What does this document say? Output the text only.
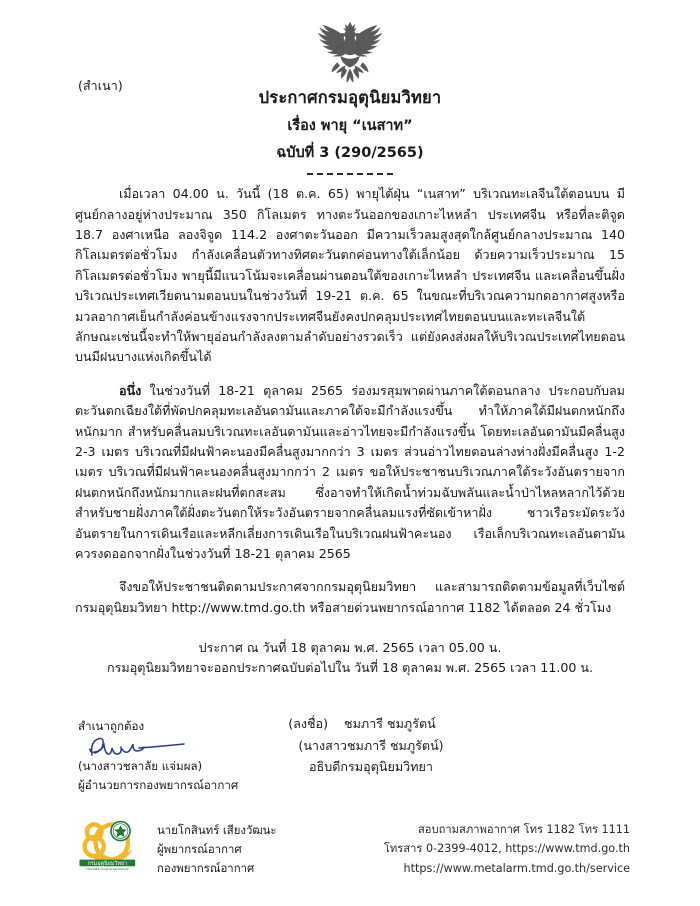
(สำเนา)
ประกาศกรมอุตุนิยมวิทยา
เรื่อง พายุ “เนสาท”
ฉบับที่ 3 (290/2565)

เมื่อเวลา 04.00 น. วันนี้ (18 ต.ค. 65) พายุไต้ฝุ่น “เนสาท” บริเวณทะเลจีนใต้ตอนบน มีศูนย์กลางอยู่ห่างประมาณ 350 กิโลเมตร ทางตะวันออกของเกาะไหหลำ ประเทศจีน หรือที่ละติจูด 18.7 องศาเหนือ ลองจิจูด 114.2 องศาตะวันออก มีความเร็วลมสูงสุดใกล้ศูนย์กลางประมาณ 140 กิโลเมตรต่อชั่วโมง กำลังเคลื่อนตัวทางทิศตะวันตกค่อนทางใต้เล็กน้อย ด้วยความเร็วประมาณ 15 กิโลเมตรต่อชั่วโมง พายุนี้มีแนวโน้มจะเคลื่อนผ่านตอนใต้ของเกาะไหหลำ ประเทศจีน และเคลื่อนขึ้นฝั่งบริเวณประเทศเวียดนามตอนบนในช่วงวันที่ 19-21 ต.ค. 65 ในขณะที่บริเวณความกดอากาศสูงหรือมวลอากาศเย็นกำลังค่อนข้างแรงจากประเทศจีนยังคงปกคลุมประเทศไทยตอนบนและทะเลจีนใต้ ลักษณะเช่นนี้จะทำให้พายุอ่อนกำลังลงตามลำดับอย่างรวดเร็ว แต่ยังคงส่งผลให้บริเวณประเทศไทยตอนบนมีฝนบางแห่งเกิดขึ้นได้

อนึ่ง ในช่วงวันที่ 18-21 ตุลาคม 2565 ร่องมรสุมพาดผ่านภาคใต้ตอนกลาง ประกอบกับลมตะวันตกเฉียงใต้ที่พัดปกคลุมทะเลอันดามันและภาคใต้จะมีกำลังแรงขึ้น ทำให้ภาคใต้มีฝนตกหนักถึงหนักมาก สำหรับคลื่นลมบริเวณทะเลอันดามันและอ่าวไทยจะมีกำลังแรงขึ้น โดยทะเลอันดามันมีคลื่นสูง 2-3 เมตร บริเวณที่มีฝนฟ้าคะนองมีคลื่นสูงมากกว่า 3 เมตร ส่วนอ่าวไทยตอนล่างห่างฝั่งมีคลื่นสูง 1-2 เมตร บริเวณที่มีฝนฟ้าคะนองคลื่นสูงมากกว่า 2 เมตร ขอให้ประชาชนบริเวณภาคใต้ระวังอันตรายจากฝนตกหนักถึงหนักมากและฝนที่ตกสะสม ซึ่งอาจทำให้เกิดน้ำท่วมฉับพลันและน้ำป่าไหลหลากไว้ด้วย สำหรับชายฝั่งภาคใต้ฝั่งตะวันตกให้ระวังอันตรายจากคลื่นลมแรงที่ซัดเข้าหาฝั่ง ชาวเรือระมัดระวังอันตรายในการเดินเรือและหลีกเลี่ยงการเดินเรือในบริเวณฝนฟ้าคะนอง เรือเล็กบริเวณทะเลอันดามันควรงดออกจากฝั่งในช่วงวันที่ 18-21 ตุลาคม 2565

จึงขอให้ประชาชนติดตามประกาศจากกรมอุตุนิยมวิทยา และสามารถติดตามข้อมูลที่เว็บไซต์กรมอุตุนิยมวิทยา http://www.tmd.go.th หรือสายด่วนพยากรณ์อากาศ 1182 ได้ตลอด 24 ชั่วโมง

ประกาศ ณ วันที่ 18 ตุลาคม พ.ศ. 2565 เวลา 05.00 น.

กรมอุตุนิยมวิทยาจะออกประกาศฉบับต่อไปใน วันที่ 18 ตุลาคม พ.ศ. 2565 เวลา 11.00 น.

(ลงชื่อ)    ชมภารี ชมภูรัตน์
(นางสาวชมภารี ชมภูรัตน์)
อธิบดีกรมอุตุนิยมวิทยา
สำเนาถูกต้อง
(นางสาวชลาลัย แจ่มผล)
ผู้อำนวยการกองพยากรณ์อากาศ
กรมอุตุนิยมวิทยา
Thai Meteorological Department
นายโกสินทร์ เสียงวัฒนะ
ผู้พยากรณ์อากาศ
กองพยากรณ์อากาศ
สอบถามสภาพอากาศ โทร 1182 โทร 1111
โทรสาร 0-2399-4012, https://www.tmd.go.th
https://www.metalarm.tmd.go.th/service
